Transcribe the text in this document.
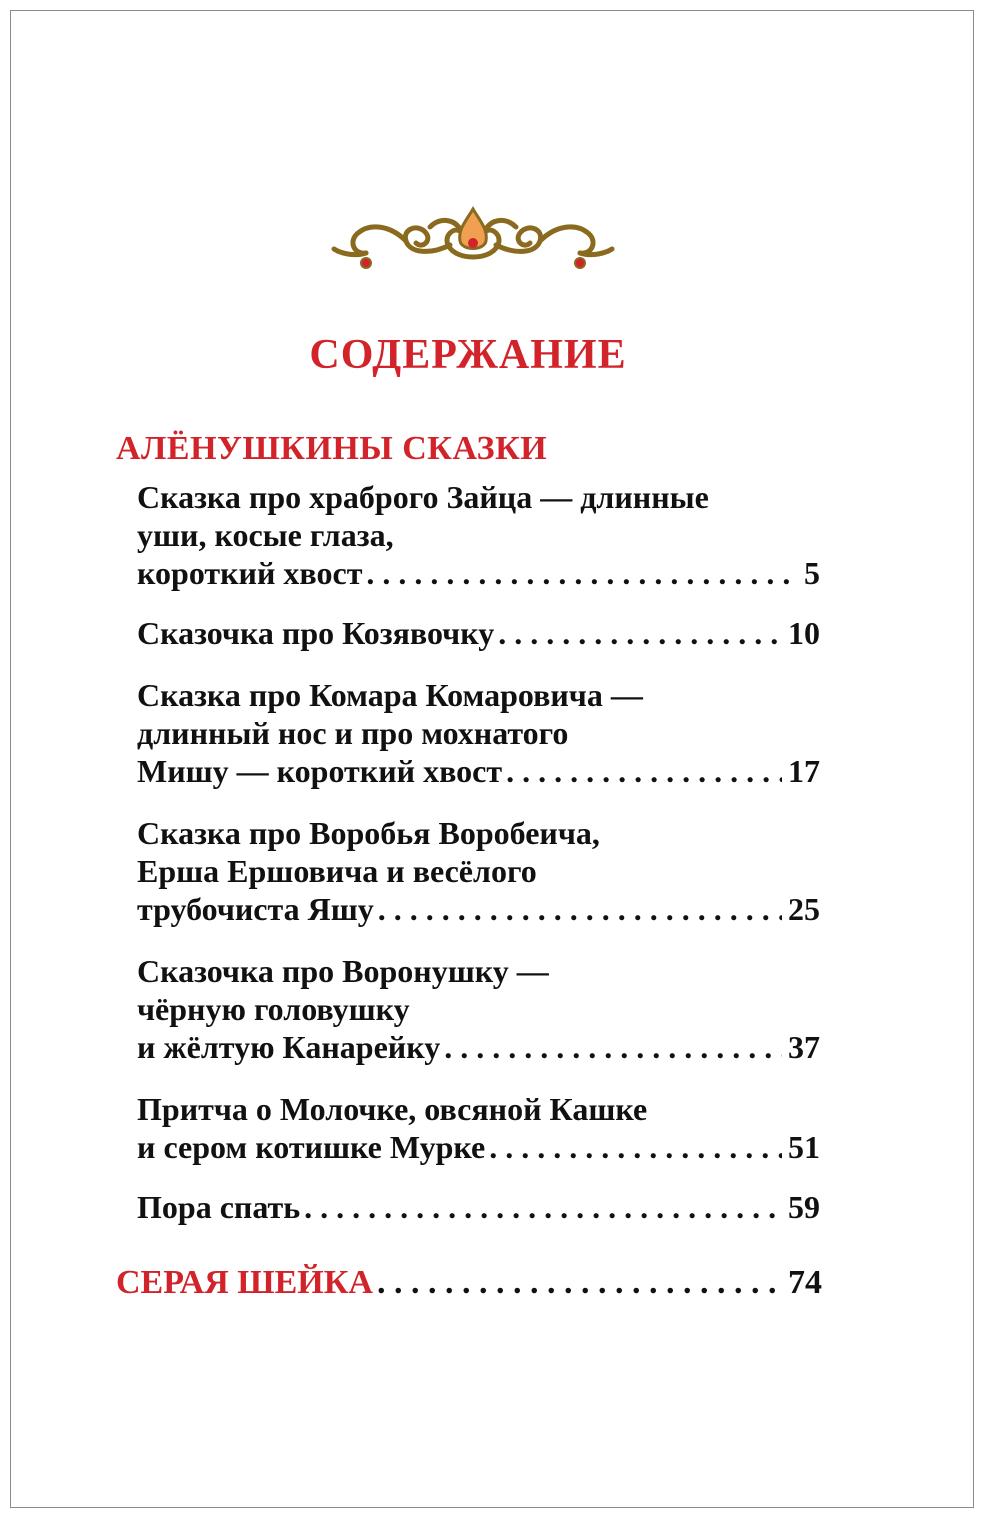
СОДЕРЖАНИЕ
АЛЁНУШКИНЫ СКАЗКИ
Сказка про храброго Зайца — длинные
уши, косые глаза,
короткий хвост . . .	5
Сказочка про Козявочку . . .	10
Сказка про Комара Комаровича —
длинный нос и про мохнатого
Мишу — короткий хвост . . .	17
Сказка про Воробья Воробеича,
Ерша Ершовича и весёлого
трубочиста Яшу . . .	25
Сказочка про Воронушку —
чёрную головушку
и жёлтую Канарейку . . .	37
Притча о Молочке, овсяной Кашке
и сером котишке Мурке . . .	51
Пора спать . . .	59
СЕРАЯ ШЕЙКА . . .	74
